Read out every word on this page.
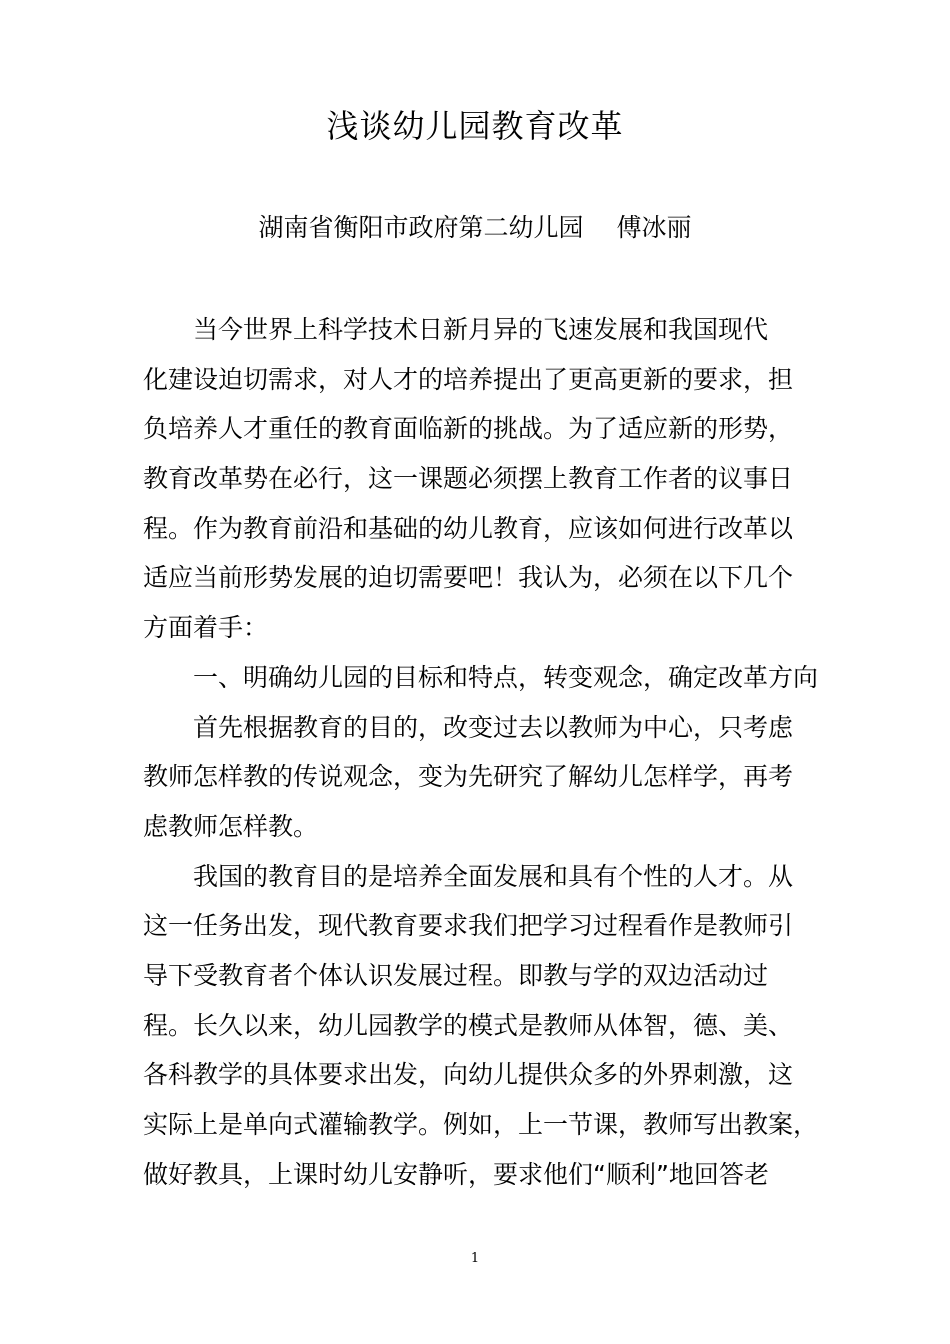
浅谈幼儿园教育改革
湖南省衡阳市政府第二幼儿园　 傅冰丽
当今世界上科学技术日新月异的飞速发展和我国现代
化建设迫切需求，对人才的培养提出了更高更新的要求，担
负培养人才重任的教育面临新的挑战。为了适应新的形势，
教育改革势在必行，这一课题必须摆上教育工作者的议事日
程。作为教育前沿和基础的幼儿教育，应该如何进行改革以
适应当前形势发展的迫切需要吧！我认为，必须在以下几个
方面着手：
一、明确幼儿园的目标和特点，转变观念，确定改革方向
首先根据教育的目的，改变过去以教师为中心，只考虑
教师怎样教的传说观念，变为先研究了解幼儿怎样学，再考
虑教师怎样教。
我国的教育目的是培养全面发展和具有个性的人才。从
这一任务出发，现代教育要求我们把学习过程看作是教师引
导下受教育者个体认识发展过程。即教与学的双边活动过
程。长久以来，幼儿园教学的模式是教师从体智，德、美、
各科教学的具体要求出发，向幼儿提供众多的外界刺激，这
实际上是单向式灌输教学。例如，上一节课，教师写出教案，
做好教具，上课时幼儿安静听，要求他们“顺利”地回答老
1
